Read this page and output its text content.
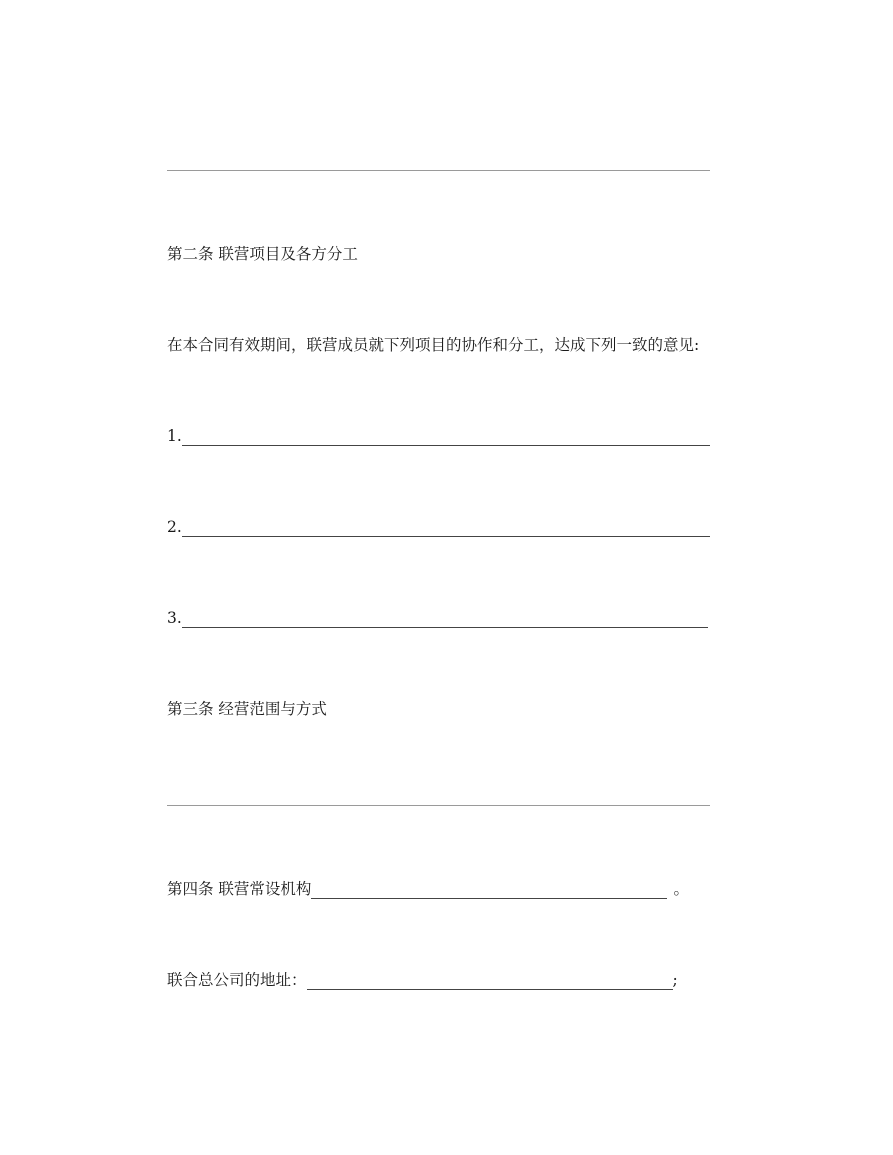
第二条 联营项目及各方分工
在本合同有效期间，联营成员就下列项目的协作和分工，达成下列一致的意见:
1.
2.
3.
第三条 经营范围与方式
第四条 联营常设机构	。
联合总公司的地址：	;
